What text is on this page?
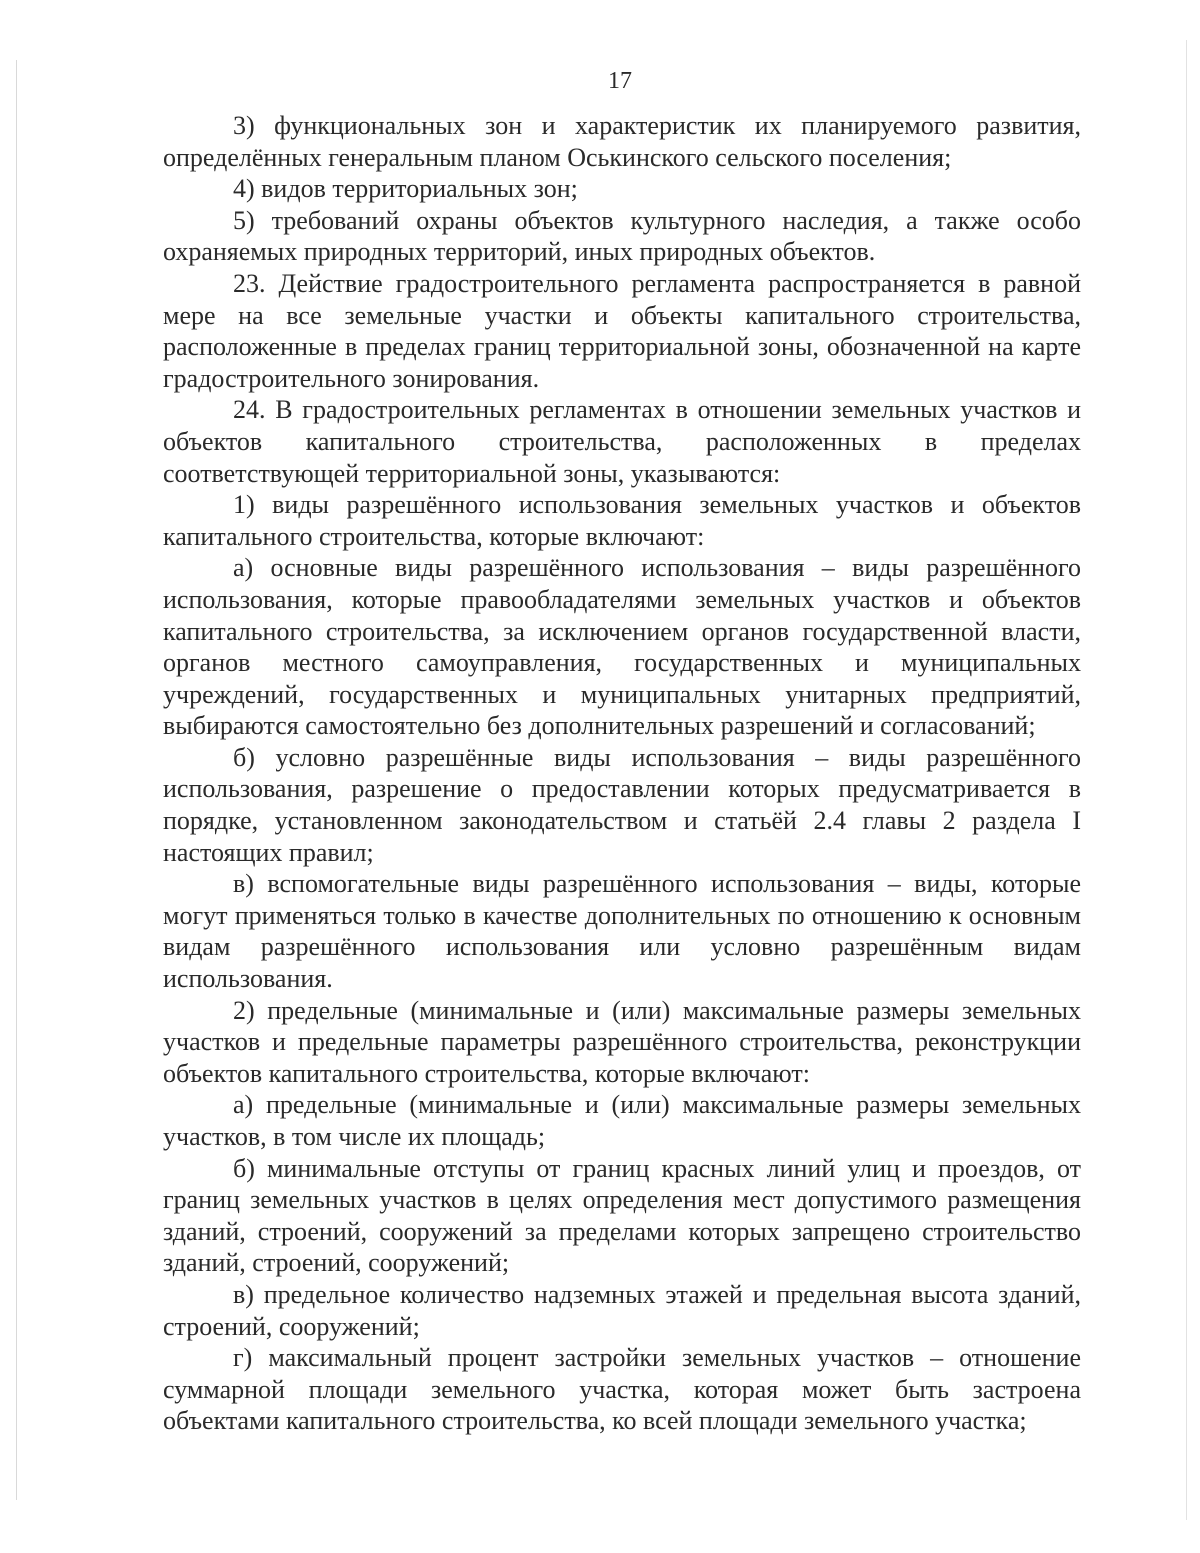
17

3) функциональных зон и характеристик их планируемого развития, определённых генеральным планом Оськинского сельского поселения;

4) видов территориальных зон;

5) требований охраны объектов культурного наследия, а также особо охраняемых природных территорий, иных природных объектов.

23. Действие градостроительного регламента распространяется в равной мере на все земельные участки и объекты капитального строительства, расположенные в пределах границ территориальной зоны, обозначенной на карте градостроительного зонирования.

24. В градостроительных регламентах в отношении земельных участков и объектов капитального строительства, расположенных в пределах соответствующей территориальной зоны, указываются:

1) виды разрешённого использования земельных участков и объектов капитального строительства, которые включают:

а) основные виды разрешённого использования – виды разрешённого использования, которые правообладателями земельных участков и объектов капитального строительства, за исключением органов государственной власти, органов местного самоуправления, государственных и муниципальных учреждений, государственных и муниципальных унитарных предприятий, выбираются самостоятельно без дополнительных разрешений и согласований;

б) условно разрешённые виды использования – виды разрешённого использования, разрешение о предоставлении которых предусматривается в порядке, установленном законодательством и статьёй 2.4 главы 2 раздела I настоящих правил;

в) вспомогательные виды разрешённого использования – виды, которые могут применяться только в качестве дополнительных по отношению к основным видам разрешённого использования или условно разрешённым видам использования.

2) предельные (минимальные и (или) максимальные размеры земельных участков и предельные параметры разрешённого строительства, реконструкции объектов капитального строительства, которые включают:

а) предельные (минимальные и (или) максимальные размеры земельных участков, в том числе их площадь;

б) минимальные отступы от границ красных линий улиц и проездов, от границ земельных участков в целях определения мест допустимого размещения зданий, строений, сооружений за пределами которых запрещено строительство зданий, строений, сооружений;

в) предельное количество надземных этажей и предельная высота зданий, строений, сооружений;

г) максимальный процент застройки земельных участков – отношение суммарной площади земельного участка, которая может быть застроена объектами капитального строительства, ко всей площади земельного участка;
